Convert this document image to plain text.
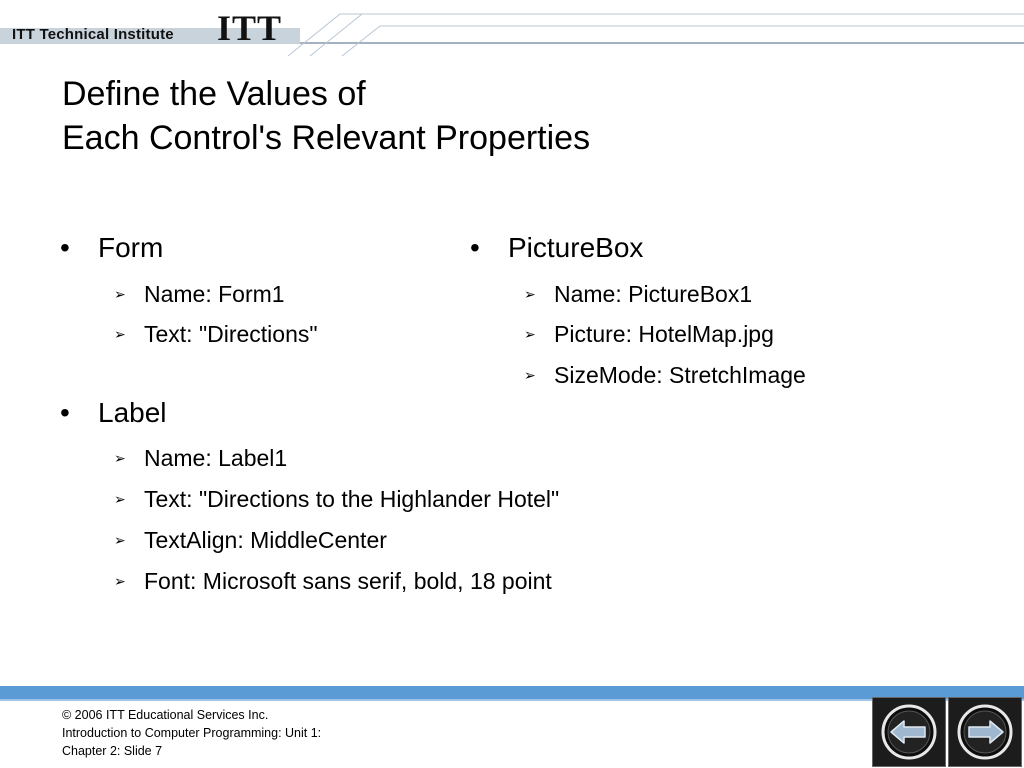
ITT Technical Institute ITT
Define the Values of
Each Control's Relevant Properties
• Form
➢ Name: Form1
➢ Text: "Directions"
• PictureBox
➢ Name: PictureBox1
➢ Picture: HotelMap.jpg
➢ SizeMode: StretchImage
• Label
➢ Name: Label1
➢ Text: "Directions to the Highlander Hotel"
➢ TextAlign: MiddleCenter
➢ Font: Microsoft sans serif, bold, 18 point
© 2006 ITT Educational Services Inc.
Introduction to Computer Programming: Unit 1:
Chapter 2: Slide 7
